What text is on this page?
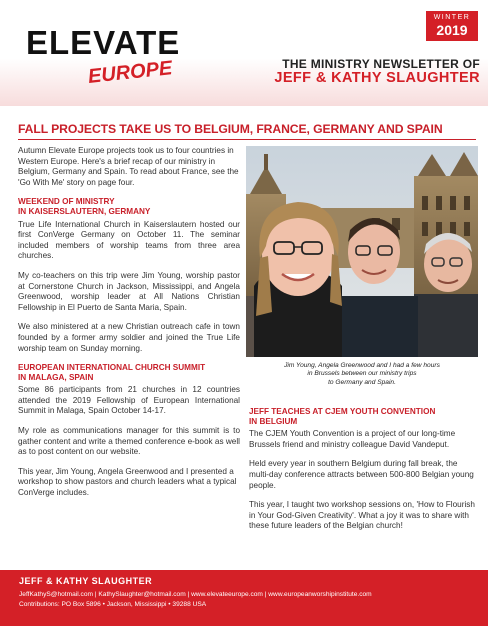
ELEVATE
EUROPE
WINTER
2019
THE MINISTRY NEWSLETTER OF
JEFF & KATHY SLAUGHTER
FALL PROJECTS TAKE US TO BELGIUM, FRANCE, GERMANY AND SPAIN

Autumn Elevate Europe projects took us to four countries in Western Europe. Here's a brief recap of our ministry in Belgium, Germany and Spain. To read about France, see the 'Go With Me' story on page four.

WEEKEND OF MINISTRY
IN KAISERSLAUTERN, GERMANY

True Life International Church in Kaiserslautern hosted our first ConVerge Germany on October 11. The seminar included members of worship teams from three area churches.

My co-teachers on this trip were Jim Young, worship pastor at Cornerstone Church in Jackson, Mississippi, and Angela Greenwood, worship leader at All Nations Christian Fellowship in El Puerto de Santa Maria, Spain.

We also ministered at a new Christian outreach cafe in town founded by a former army soldier and joined the True Life worship team on Sunday morning.

EUROPEAN INTERNATIONAL CHURCH SUMMIT
IN MALAGA, SPAIN

Some 86 participants from 21 churches in 12 countries attended the 2019 Fellowship of European International Summit in Malaga, Spain October 14-17.

My role as communications manager for this summit is to gather content and write a themed conference e-book as well as to post content on our website.

This year, Jim Young, Angela Greenwood and I presented a workshop to show pastors and church leaders what a typical ConVerge includes.

Jim Young, Angela Greenwood and I had a few hours
in Brussels between our ministry trips
to Germany and Spain.
JEFF TEACHES AT CJEM YOUTH CONVENTION
IN BELGIUM

The CJEM Youth Convention is a project of our long-time Brussels friend and ministry colleague David Vandeput.

Held every year in southern Belgium during fall break, the multi-day conference attracts between 500-800 Belgian young people.

This year, I taught two workshop sessions on, 'How to Flourish in Your God-Given Creativity'. What a joy it was to share with these future leaders of the Belgian church!

JEFF & KATHY SLAUGHTER
JeffKathyS@hotmail.com | KathySlaughter@hotmail.com | www.elevateeurope.com | www.europeanworshipinstitute.com
Contributions: PO Box 5896 • Jackson, Mississippi • 39288 USA
